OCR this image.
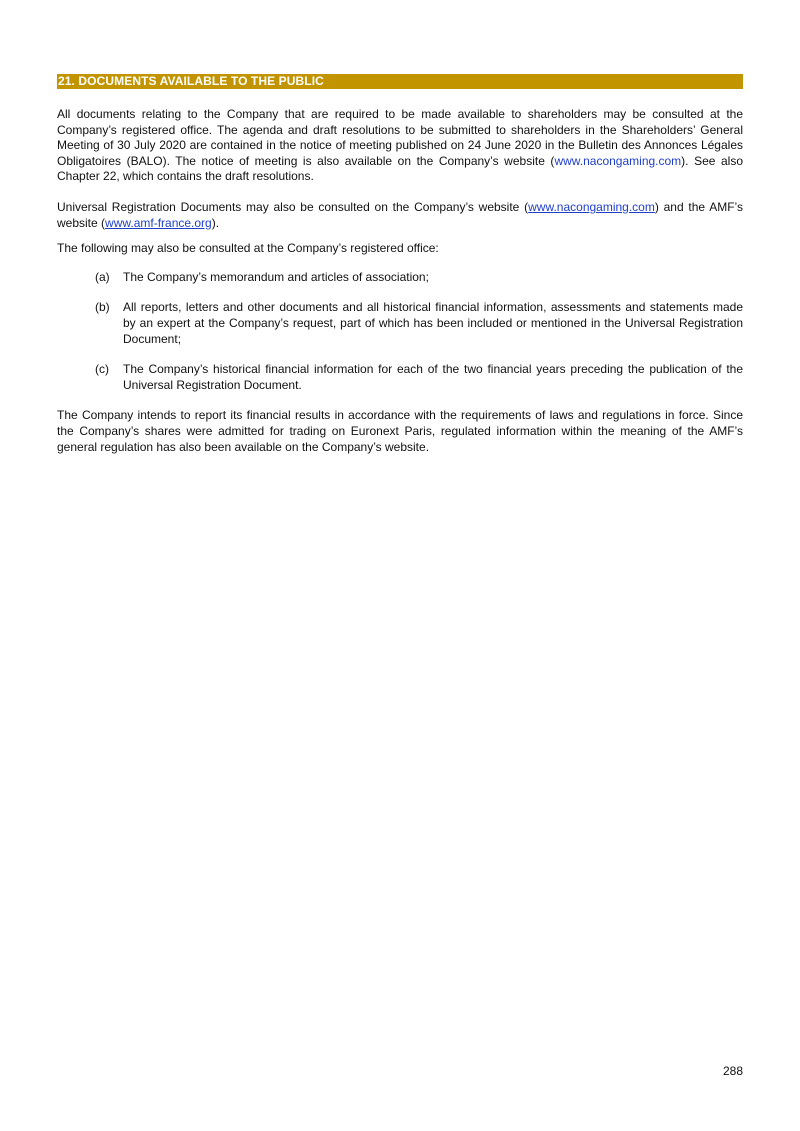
21. DOCUMENTS AVAILABLE TO THE PUBLIC

All documents relating to the Company that are required to be made available to shareholders may be consulted at the Company’s registered office. The agenda and draft resolutions to be submitted to shareholders in the Shareholders’ General Meeting of 30 July 2020 are contained in the notice of meeting published on 24 June 2020 in the Bulletin des Annonces Légales Obligatoires (BALO). The notice of meeting is also available on the Company’s website (www.nacongaming.com). See also Chapter 22, which contains the draft resolutions.

Universal Registration Documents may also be consulted on the Company’s website (www.nacongaming.com) and the AMF’s website (www.amf-france.org).

The following may also be consulted at the Company’s registered office:

(a) The Company’s memorandum and articles of association;

(b) All reports, letters and other documents and all historical financial information, assessments and statements made by an expert at the Company’s request, part of which has been included or mentioned in the Universal Registration Document;

(c) The Company’s historical financial information for each of the two financial years preceding the publication of the Universal Registration Document.

The Company intends to report its financial results in accordance with the requirements of laws and regulations in force. Since the Company’s shares were admitted for trading on Euronext Paris, regulated information within the meaning of the AMF’s general regulation has also been available on the Company’s website.

288
